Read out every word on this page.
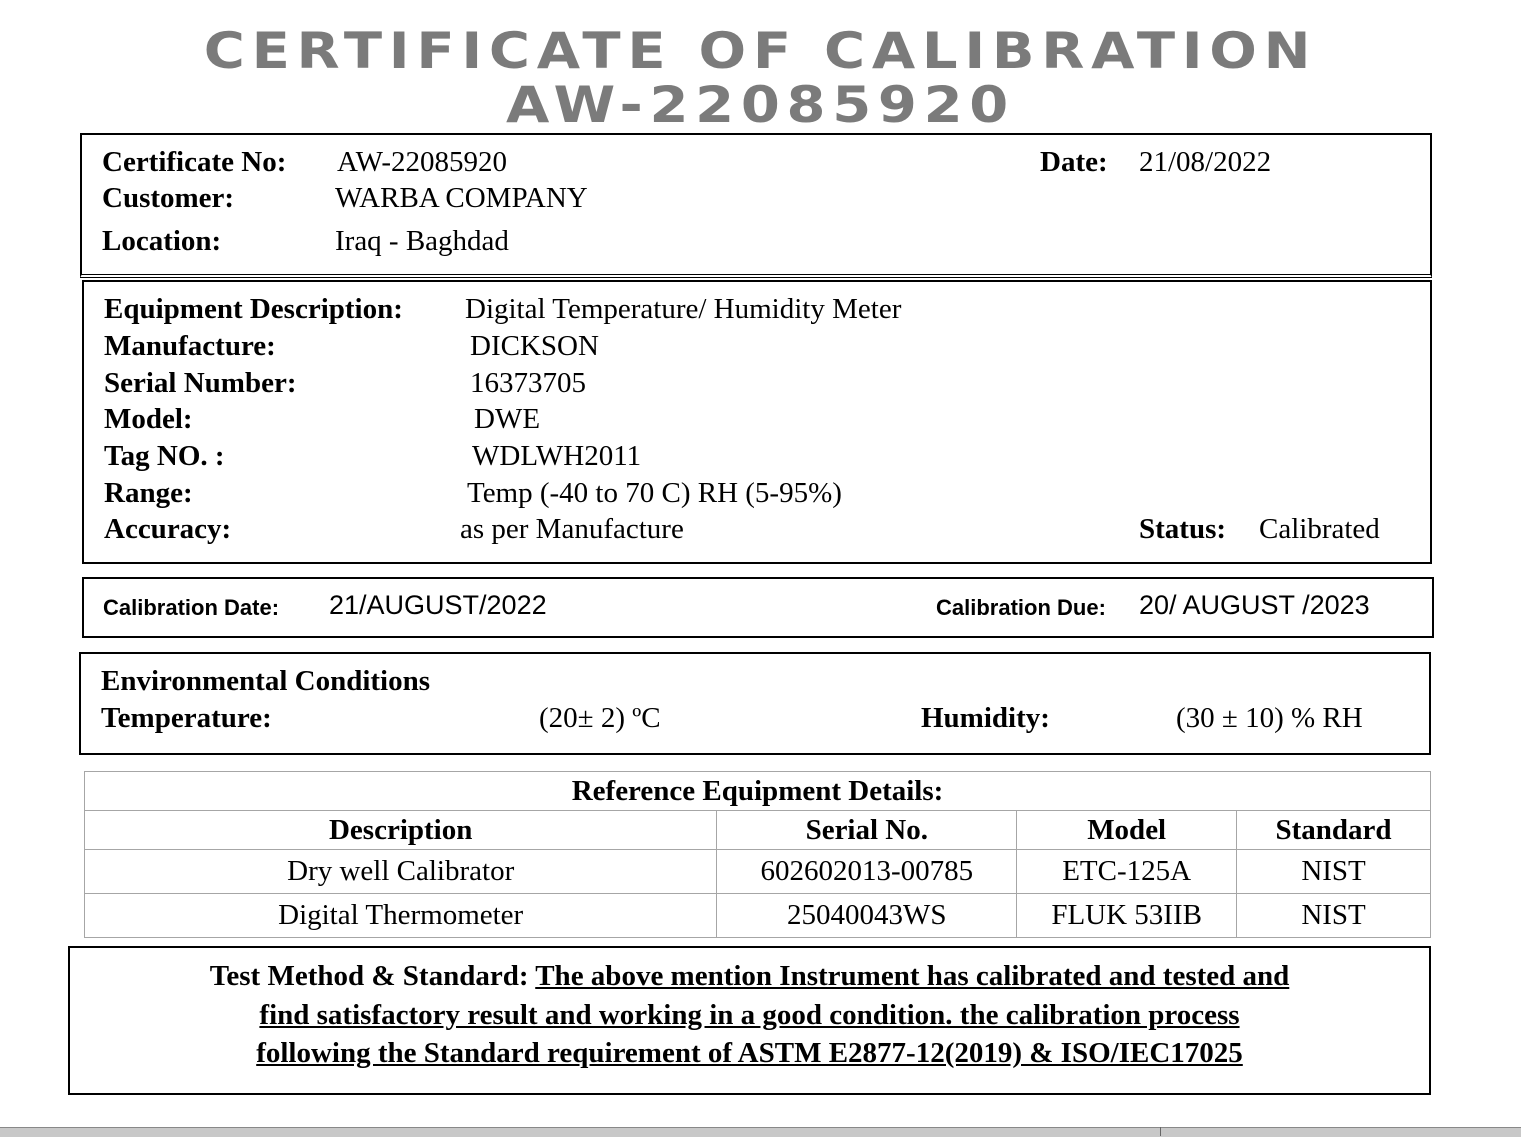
CERTIFICATE OF CALIBRATION
AW-22085920
Certificate No: AW-22085920	Date: 21/08/2022
Customer:	WARBA COMPANY
Location:	Iraq - Baghdad
Equipment Description: Digital Temperature/ Humidity Meter
Manufacture:	DICKSON
Serial Number:	16373705
Model:	DWE
Tag NO. :	WDLWH2011
Range:	Temp (-40 to 70 C) RH (5-95%)
Accuracy:	as per Manufacture	Status: Calibrated
Calibration Date: 21/AUGUST/2022	Calibration Due: 20/ AUGUST /2023
Environmental Conditions
Temperature:	(20± 2) ºC	Humidity:	(30 ± 10) % RH
Reference Equipment Details:			
Description	Serial No.	Model	Standard
Dry well Calibrator	602602013-00785	ETC-125A	NIST
Digital Thermometer	25040043WS	FLUK 53IIB	NIST
Test Method & Standard: The above mention Instrument has calibrated and tested and
find satisfactory result and working in a good condition. the calibration process
following the Standard requirement of ASTM E2877-12(2019) & ISO/IEC17025
